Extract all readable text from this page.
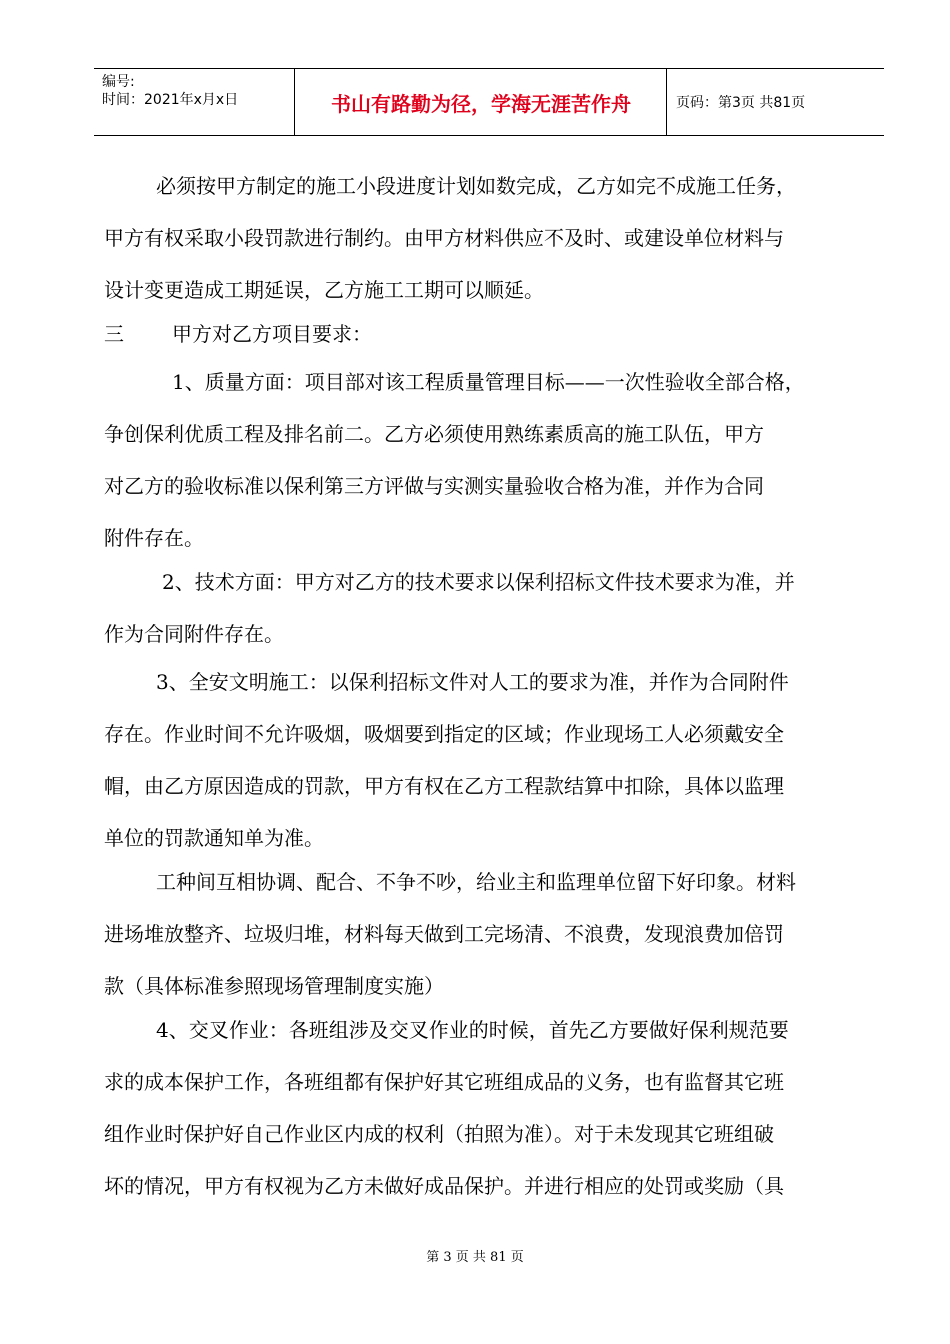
编号:
时间：2021年x月x日	书山有路勤为径，学海无涯苦作舟	页码：第3页 共81页
必须按甲方制定的施工小段进度计划如数完成，乙方如完不成施工任务，
甲方有权采取小段罚款进行制约。由甲方材料供应不及时、或建设单位材料与
设计变更造成工期延误，乙方施工工期可以顺延。
三 甲方对乙方项目要求：
1、质量方面：项目部对该工程质量管理目标——一次性验收全部合格，
争创保利优质工程及排名前二。乙方必须使用熟练素质高的施工队伍，甲方
对乙方的验收标准以保利第三方评做与实测实量验收合格为准，并作为合同
附件存在。
2、技术方面：甲方对乙方的技术要求以保利招标文件技术要求为准，并
作为合同附件存在。
3、全安文明施工：以保利招标文件对人工的要求为准，并作为合同附件
存在。作业时间不允许吸烟，吸烟要到指定的区域；作业现场工人必须戴安全
帽，由乙方原因造成的罚款，甲方有权在乙方工程款结算中扣除，具体以监理
单位的罚款通知单为准。
工种间互相协调、配合、不争不吵，给业主和监理单位留下好印象。材料
进场堆放整齐、垃圾归堆，材料每天做到工完场清、不浪费，发现浪费加倍罚
款（具体标准参照现场管理制度实施）
4、交叉作业：各班组涉及交叉作业的时候，首先乙方要做好保利规范要
求的成本保护工作，各班组都有保护好其它班组成品的义务，也有监督其它班
组作业时保护好自己作业区内成的权利（拍照为准）。对于未发现其它班组破
坏的情况，甲方有权视为乙方未做好成品保护。并进行相应的处罚或奖励（具
第 3 页 共 81 页
